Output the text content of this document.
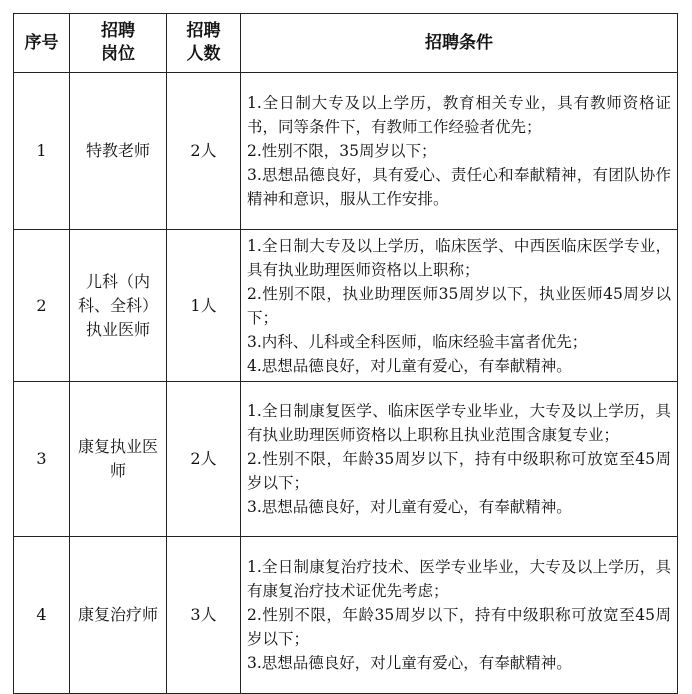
序号	招聘岗位	招聘人数	招聘条件
1	特教老师	2人	1.全日制大专及以上学历，教育相关专业，具有教师资格证书，同等条件下，有教师工作经验者优先；
2.性别不限，35周岁以下；
3.思想品德良好，具有爱心、责任心和奉献精神，有团队协作精神和意识，服从工作安排。

2	儿科（内科、全科）执业医师	1人	1.全日制大专及以上学历，临床医学、中西医临床医学专业，具有执业助理医师资格以上职称；
2.性别不限，执业助理医师35周岁以下，执业医师45周岁以下；
3.内科、儿科或全科医师，临床经验丰富者优先；
4.思想品德良好，对儿童有爱心，有奉献精神。

3	康复执业医师	2人	1.全日制康复医学、临床医学专业毕业，大专及以上学历，具有执业助理医师资格以上职称且执业范围含康复专业；
2.性别不限，年龄35周岁以下，持有中级职称可放宽至45周岁以下；
3.思想品德良好，对儿童有爱心，有奉献精神。

4	康复治疗师	3人	1.全日制康复治疗技术、医学专业毕业，大专及以上学历，具有康复治疗技术证优先考虑；
2.性别不限，年龄35周岁以下，持有中级职称可放宽至45周岁以下；
3.思想品德良好，对儿童有爱心，有奉献精神。
